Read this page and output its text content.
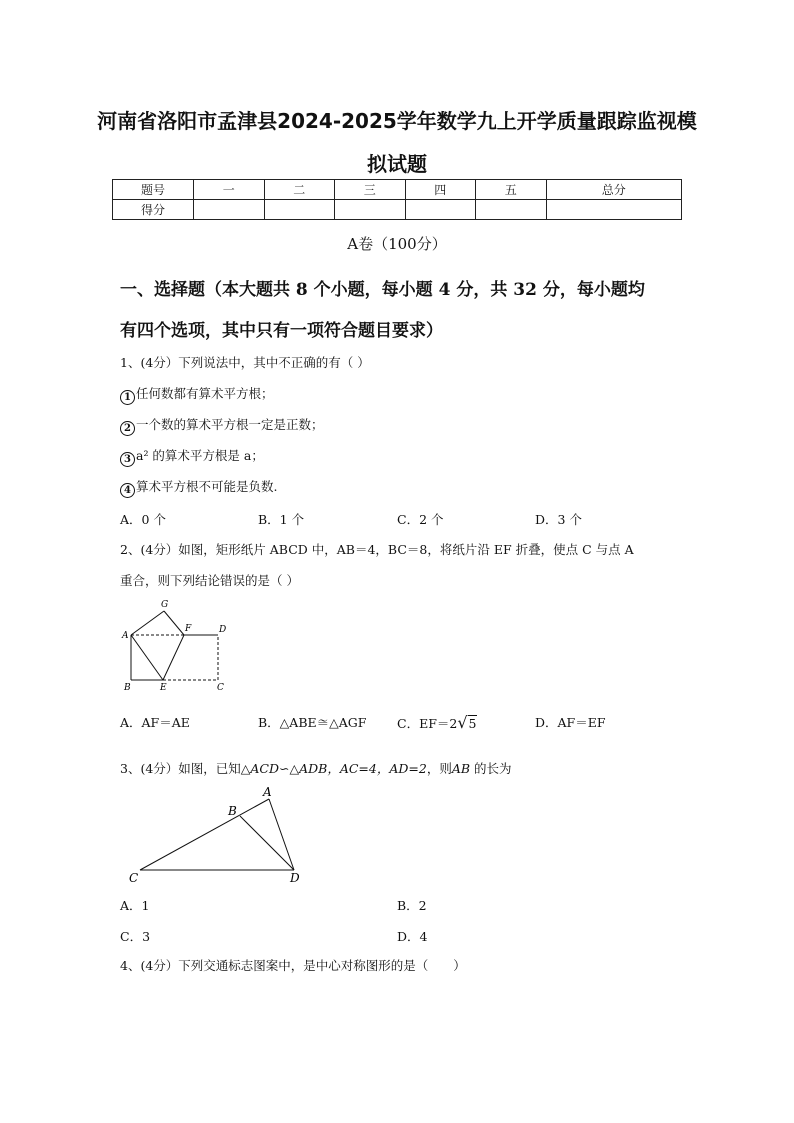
河南省洛阳市孟津县2024-2025学年数学九上开学质量跟踪监视模
拟试题
题号	一	二	三	四	五	总分
得分						
A卷（100分）
一、选择题（本大题共 8 个小题，每小题 4 分，共 32 分，每小题均
有四个选项，其中只有一项符合题目要求）
1、(4分）下列说法中，其中不正确的有（ ）
1 任何数都有算术平方根；
2 一个数的算术平方根一定是正数；
3 a² 的算术平方根是 a；
4 算术平方根不可能是负数.
A．0 个	B．1 个	C．2 个	D．3 个
2、(4分）如图，矩形纸片 ABCD 中，AB＝4，BC＝8，将纸片沿 EF 折叠，使点 C 与点 A
重合，则下列结论错误的是（ ）
G
A
F	D
B	E	C
A．AF＝AE	B．△ABE≅△AGF C．EF＝2√5	D．AF＝EF
3、(4分）如图，已知△ACD∽△ADB，AC=4，AD=2，则AB 的长为
A
B
C	D
A．1	B．2
C．3	D．4
4、(4分）下列交通标志图案中，是中心对称图形的是（　　）
